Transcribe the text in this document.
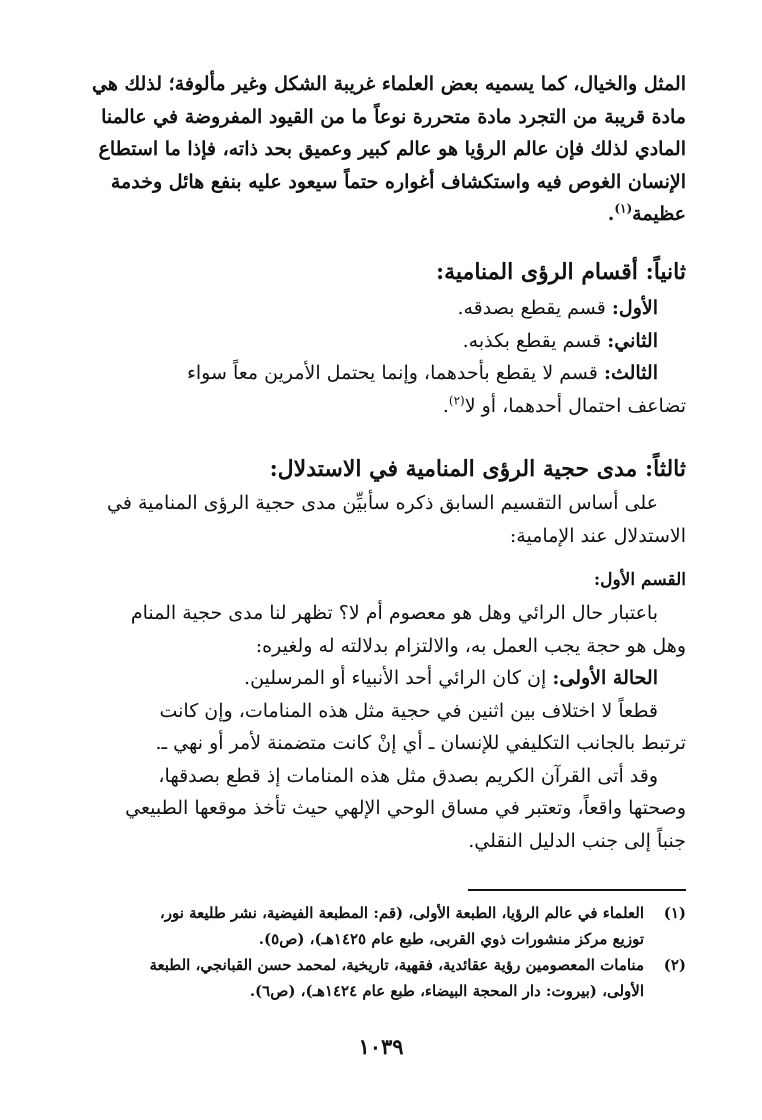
المثل والخيال، كما يسميه بعض العلماء غريبة الشكل وغير مألوفة؛ لذلك هي
مادة قريبة من التجرد مادة متحررة نوعاً ما من القيود المفروضة في عالمنا
المادي لذلك فإن عالم الرؤيا هو عالم كبير وعميق بحد ذاته، فإذا ما استطاع
الإنسان الغوص فيه واستكشاف أغواره حتماً سيعود عليه بنفع هائل وخدمة
عظيمة$^{(١)}$.
ثانياً: أقسام الرؤى المنامية:
الأول: قسم يقطع بصدقه.
الثاني: قسم يقطع بكذبه.
الثالث: قسم لا يقطع بأحدهما، وإنما يحتمل الأمرين معاً سواء
تضاعف احتمال أحدهما، أو لا$^{(٢)}$.
ثالثاً: مدى حجية الرؤى المنامية في الاستدلال:
على أساس التقسيم السابق ذكره سأبيِّن مدى حجية الرؤى المنامية في
الاستدلال عند الإمامية:
القسم الأول:
باعتبار حال الرائي وهل هو معصوم أم لا؟ تظهر لنا مدى حجية المنام
وهل هو حجة يجب العمل به، والالتزام بدلالته له ولغيره:
الحالة الأولى: إن كان الرائي أحد الأنبياء أو المرسلين.
قطعاً لا اختلاف بين اثنين في حجية مثل هذه المنامات، وإن كانت
ترتبط بالجانب التكليفي للإنسان ـ أي إنْ كانت متضمنة لأمر أو نهي ـ.
وقد أتى القرآن الكريم بصدق مثل هذه المنامات إذ قطع بصدقها،
وصحتها واقعاً، وتعتبر في مساق الوحي الإلهي حيث تأخذ موقعها الطبيعي
جنباً إلى جنب الدليل النقلي.
(١)
العلماء في عالم الرؤيا، الطبعة الأولى، (قم: المطبعة الفيضية، نشر طليعة نور،
توزيع مركز منشورات ذوي القربى، طبع عام ١٤٢٥هـ)، (ص٥).
(٢)
منامات المعصومين رؤية عقائدية، فقهية، تاريخية، لمحمد حسن القبانجي، الطبعة
الأولى، (بيروت: دار المحجة البيضاء، طبع عام ١٤٢٤هـ)، (ص٦).
١٠٣٩
